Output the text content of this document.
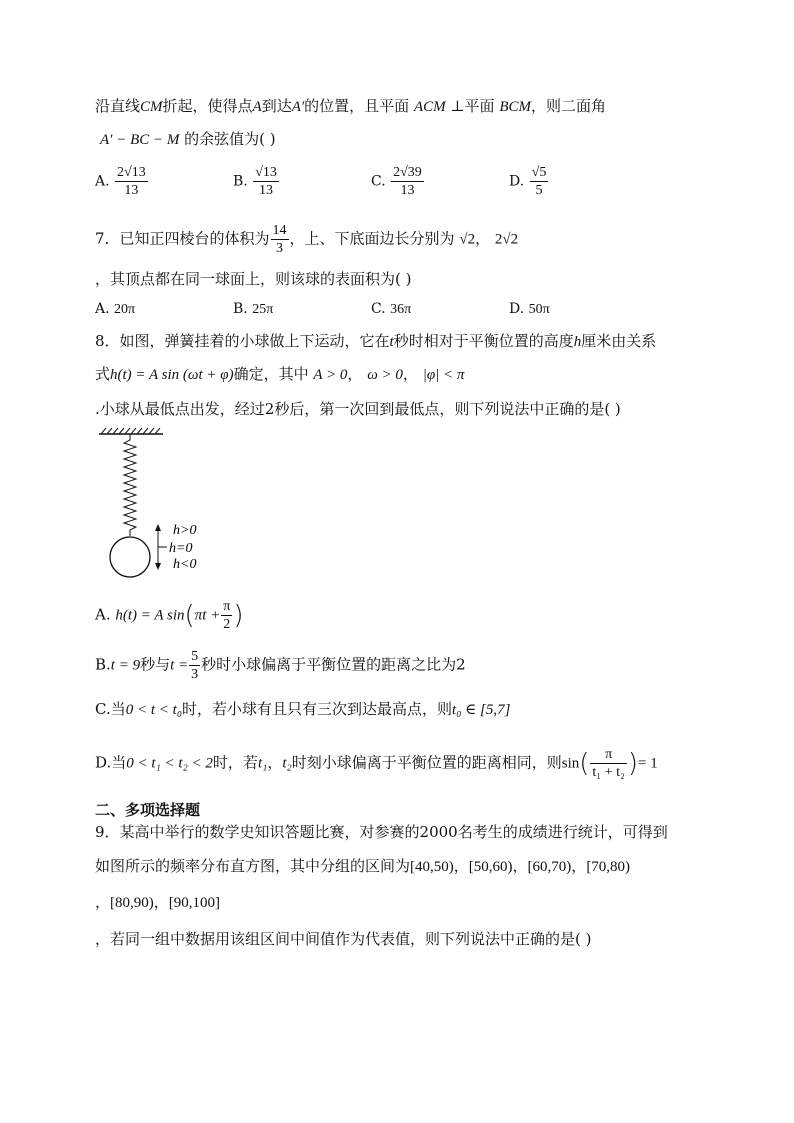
沿直线CM折起，使得点A到达A′的位置，且平面 ACM ⊥平面 BCM，则二面角
A′ − BC − M 的余弦值为( )
A. $\frac{2√13}{13}$	B. $\frac{√13}{13}$	C. $\frac{2√39}{13}$	D. $\frac{√5}{5}$
7．已知正四棱台的体积为 $\frac{14}{3}$ ，上、下底面边长分别为 √2， 2√2
，其顶点都在同一球面上，则该球的表面积为( )
A. 20π	B. 25π	C. 36π	D. 50π
8．如图，弹簧挂着的小球做上下运动，它在t秒时相对于平衡位置的高度h厘米由关系
式h(t) = A sin (ωt + φ)确定，其中 A > 0， ω > 0， |φ| < π
.小球从最低点出发，经过2秒后，第一次回到最低点，则下列说法中正确的是( )
h>0
h=0
h<0
A. h(t) = A $\sin(\pi t + \frac{\pi}{2}$ )
B.t = 9秒与$t = \frac{5}{3}$ 秒时小球偏离于平衡位置的距离之比为2
C.当0 < t < t₀时，若小球有且只有三次到达最高点，则t₀ ∈ [5,7]
D.当0 < t₁ < t₂ < 2时，若t₁，t₂时刻小球偏离于平衡位置的距离相同，则$\sin( \frac{\pi}{\text{t₁ + t₂}}$ )= 1
二、多项选择题
9．某高中举行的数学史知识答题比赛，对参赛的2000名考生的成绩进行统计，可得到
如图所示的频率分布直方图，其中分组的区间为[40,50)，[50,60)，[60,70)，[70,80)
，[80,90)，[90,100]
，若同一组中数据用该组区间中间值作为代表值，则下列说法中正确的是( )
